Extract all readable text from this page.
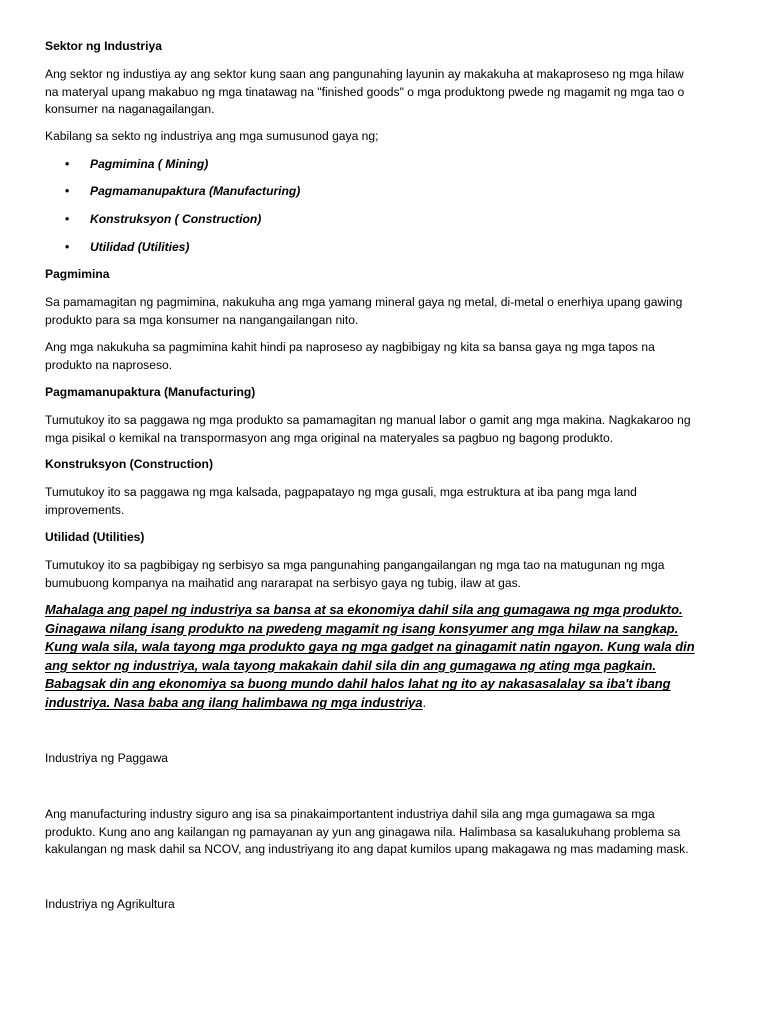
Sektor ng Industriya
Ang sektor ng industiya ay ang sektor kung saan ang pangunahing layunin ay makakuha at makaproseso ng mga hilaw
na materyal upang makabuo ng mga tinatawag na "finished goods" o mga produktong pwede ng magamit ng mga tao o
konsumer na naganagailangan.
Kabilang sa sekto ng industriya ang mga sumusunod gaya ng;
• Pagmimina ( Mining)
• Pagmamanupaktura (Manufacturing)
• Konstruksyon ( Construction)
• Utilidad (Utilities)
Pagmimina
Sa pamamagitan ng pagmimina, nakukuha ang mga yamang mineral gaya ng metal, di-metal o enerhiya upang gawing
produkto para sa mga konsumer na nangangailangan nito.
Ang mga nakukuha sa pagmimina kahit hindi pa naproseso ay nagbibigay ng kita sa bansa gaya ng mga tapos na
produkto na naproseso.
Pagmamanupaktura (Manufacturing)
Tumutukoy ito sa paggawa ng mga produkto sa pamamagitan ng manual labor o gamit ang mga makina. Nagkakaroo ng
mga pisikal o kemikal na transpormasyon ang mga original na materyales sa pagbuo ng bagong produkto.
Konstruksyon (Construction)
Tumutukoy ito sa paggawa ng mga kalsada, pagpapatayo ng mga gusali, mga estruktura at iba pang mga land
improvements.
Utilidad (Utilities)
Tumutukoy ito sa pagbibigay ng serbisyo sa mga pangunahing pangangailangan ng mga tao na matugunan ng mga
bumubuong kompanya na maihatid ang nararapat na serbisyo gaya ng tubig, ilaw at gas.
Mahalaga ang papel ng industriya sa bansa at sa ekonomiya dahil sila ang gumagawa ng mga produkto.
Ginagawa nilang isang produkto na pwedeng magamit ng isang konsyumer ang mga hilaw na sangkap.
Kung wala sila, wala tayong mga produkto gaya ng mga gadget na ginagamit natin ngayon. Kung wala din
ang sektor ng industriya, wala tayong makakain dahil sila din ang gumagawa ng ating mga pagkain.
Babagsak din ang ekonomiya sa buong mundo dahil halos lahat ng ito ay nakasasalalay sa iba't ibang
industriya. Nasa baba ang ilang halimbawa ng mga industriya.
Industriya ng Paggawa
Ang manufacturing industry siguro ang isa sa pinakaimportantent industriya dahil sila ang mga gumagawa sa mga
produkto. Kung ano ang kailangan ng pamayanan ay yun ang ginagawa nila. Halimbasa sa kasalukuhang problema sa
kakulangan ng mask dahil sa NCOV, ang industriyang ito ang dapat kumilos upang makagawa ng mas madaming mask.
Industriya ng Agrikultura
